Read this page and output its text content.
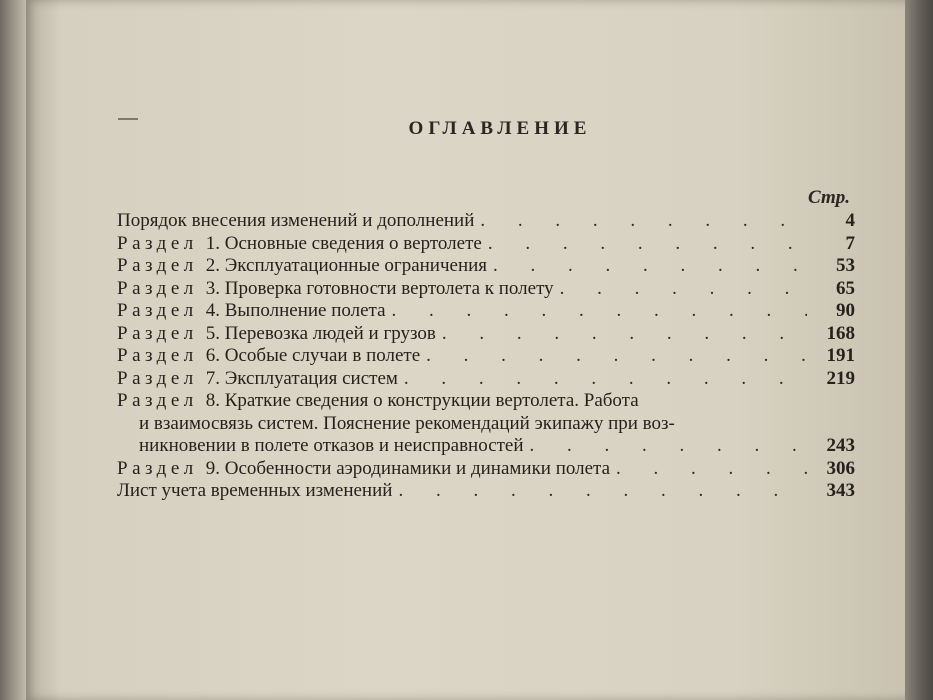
ОГЛАВЛЕНИЕ
Стр.
Порядок внесения изменений и дополнений . . .	4
Раздел 1. Основные сведения о вертолете . . .	7
Раздел 2. Эксплуатационные ограничения . . .	53
Раздел 3. Проверка готовности вертолета к полету . . .	65
Раздел 4. Выполнение полета . . .	90
Раздел 5. Перевозка людей и грузов . . .	168
Раздел 6. Особые случаи в полете . . .	191
Раздел 7. Эксплуатация систем . . .	219
Раздел 8. Краткие сведения о конструкции вертолета. Работа
и взаимосвязь систем. Пояснение рекомендаций экипажу при воз-
никновении в полете отказов и неисправностей . . .	243
Раздел 9. Особенности аэродинамики и динамики полета . . .	306
Лист учета временных изменений . . .	343
